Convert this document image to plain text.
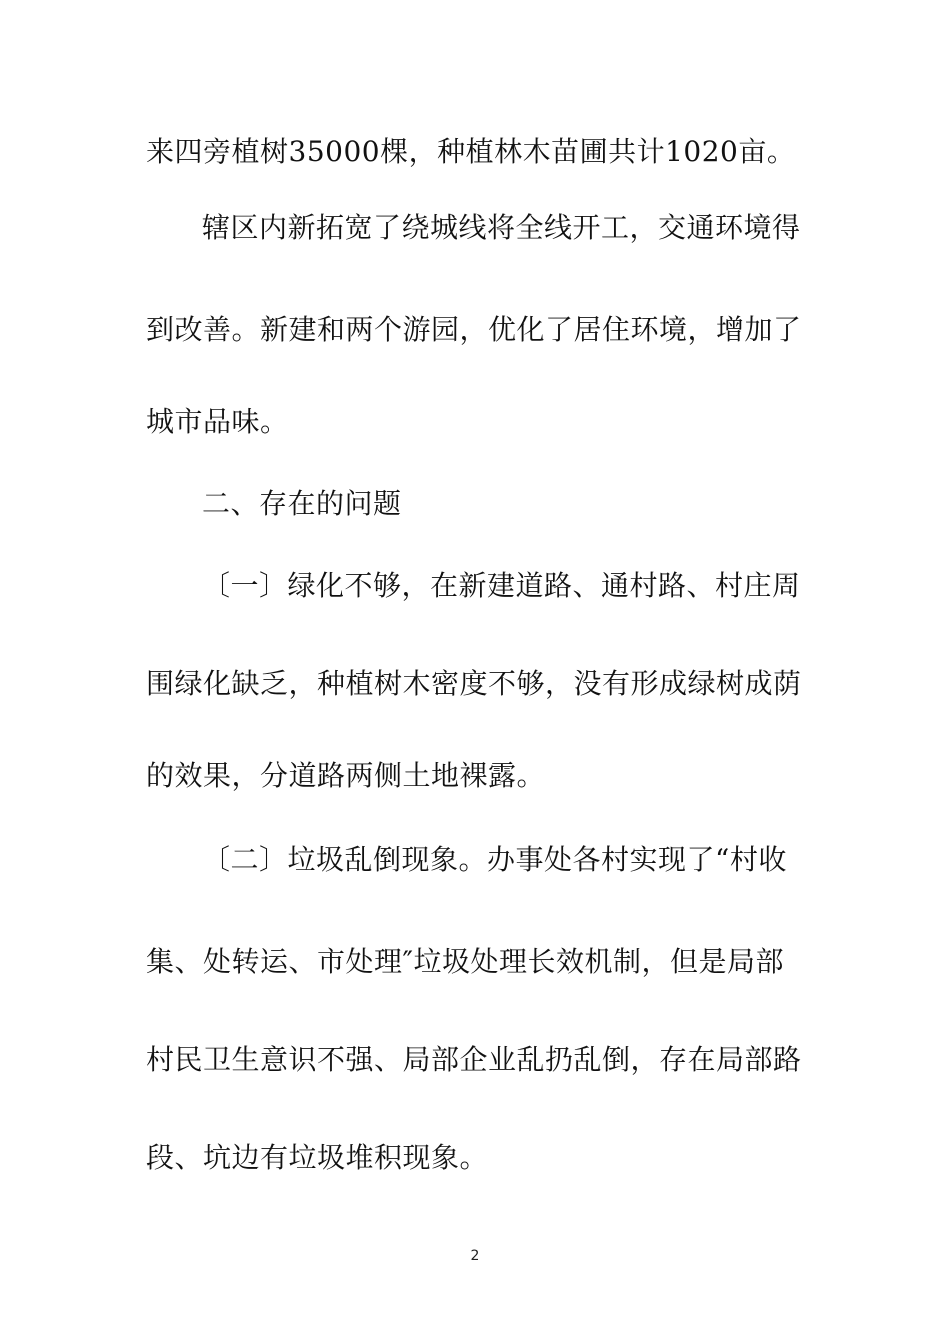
来四旁植树35000棵，种植林木苗圃共计1020亩。
辖区内新拓宽了绕城线将全线开工，交通环境得
到改善。新建和两个游园，优化了居住环境，增加了
城市品味。
二、存在的问题
〔一〕绿化不够，在新建道路、通村路、村庄周
围绿化缺乏，种植树木密度不够，没有形成绿树成荫
的效果，分道路两侧土地裸露。
〔二〕垃圾乱倒现象。办事处各村实现了“村收
集、处转运、市处理″垃圾处理长效机制，但是局部
村民卫生意识不强、局部企业乱扔乱倒，存在局部路
段、坑边有垃圾堆积现象。
2
